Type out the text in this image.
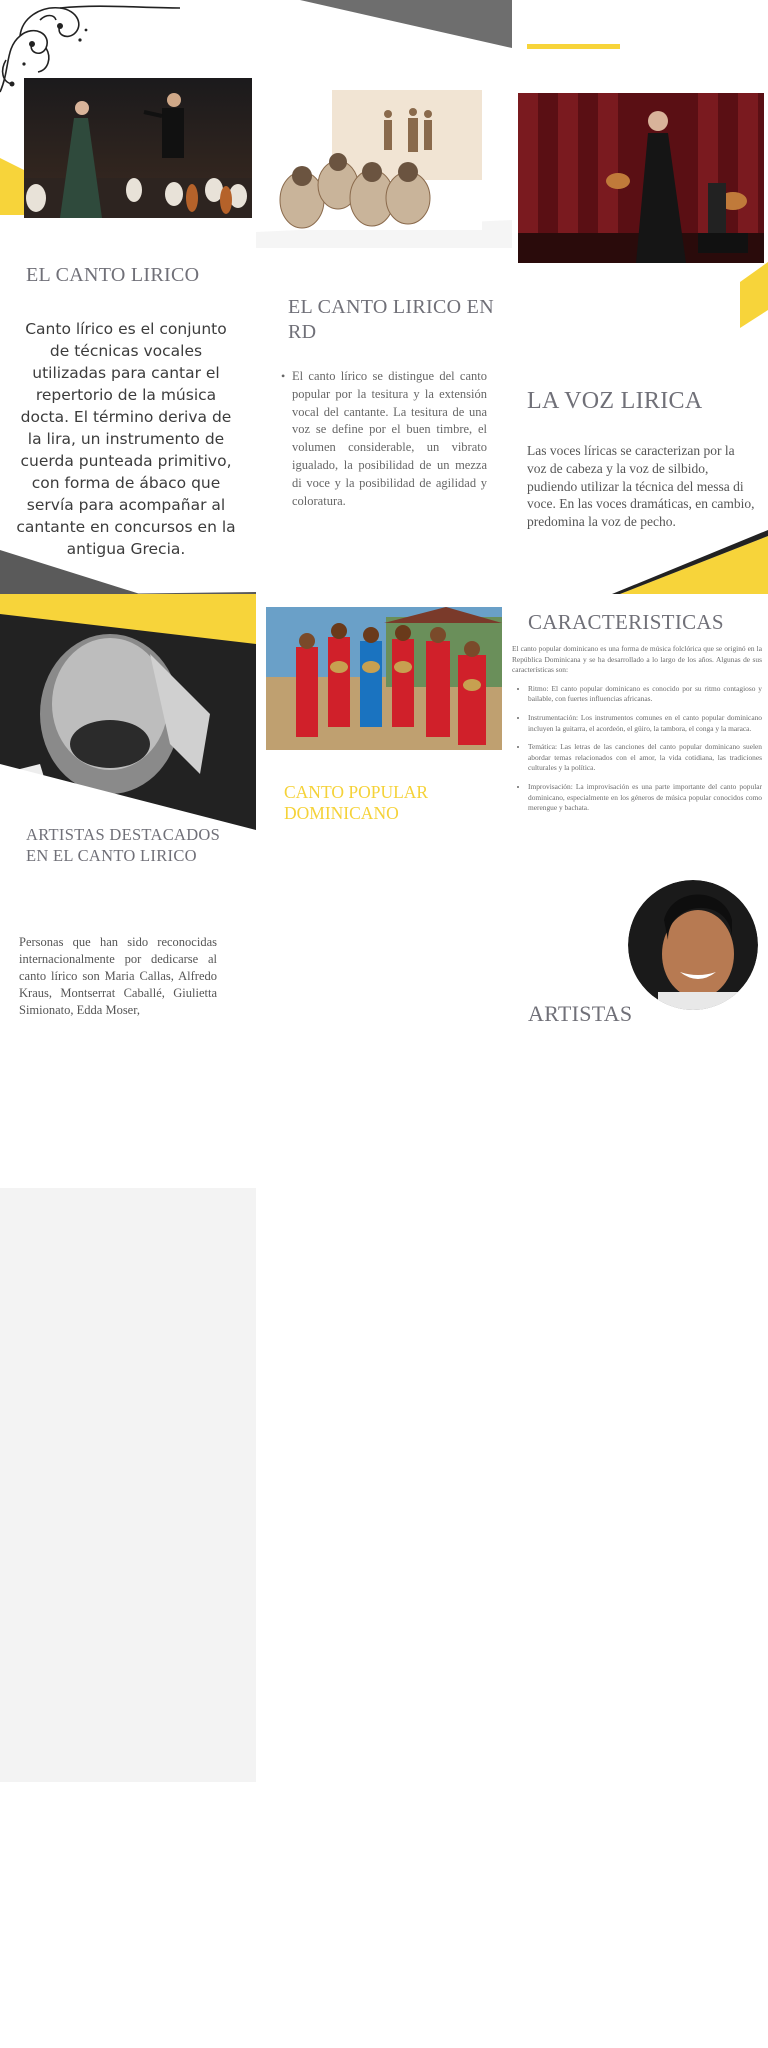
EL CANTO LIRICO
Canto lírico es el conjunto de técnicas vocales utilizadas para cantar el repertorio de la música docta. El término deriva de la lira, un instrumento de cuerda punteada primitivo, con forma de ábaco que servía para acompañar al cantante en concursos en la antigua Grecia.
EL CANTO LIRICO EN RD
• El canto lírico se distingue del canto popular por la tesitura y la extensión vocal del cantante. La tesitura de una voz se define por el buen timbre, el volumen considerable, un vibrato igualado, la posibilidad de un mezza di voce y la posibilidad de agilidad y coloratura.
LA VOZ LIRICA
Las voces líricas se caracterizan por la voz de cabeza y la voz de silbido, pudiendo utilizar la técnica del messa di voce. En las voces dramáticas, en cambio, predomina la voz de pecho.
ARTISTAS DESTACADOS EN EL CANTO LIRICO
Personas que han sido reconocidas internacionalmente por dedicarse al canto lírico son Maria Callas, Alfredo Kraus, Montserrat Caballé, Giulietta Simionato, Edda Moser,
CANTO POPULAR DOMINICANO
El canto popular dominicano es un género musical que se originó en la República Dominicana y es conocido por su ritmo contagioso y su alegría. La música popular dominicana tiene una gran variedad de estilos, pero algunos de los más populares son el merengue, la bachata y la salsa.
El merengue es probablemente el
CARACTERISTICAS
El canto popular dominicano es una forma de música folclórica que se originó en la República Dominicana y se ha desarrollado a lo largo de los años. Algunas de sus características son:
• Ritmo: El canto popular dominicano es conocido por su ritmo contagioso y bailable, con fuertes influencias africanas.
• Instrumentación: Los instrumentos comunes en el canto popular dominicano incluyen la guitarra, el acordeón, el güiro, la tambora, el conga y la maraca.
• Temática: Las letras de las canciones del canto popular dominicano suelen abordar temas relacionados con el amor, la vida cotidiana, las tradiciones culturales y la política.
• Improvisación: La improvisación es una parte importante del canto popular dominicano, especialmente en los géneros de música popular conocidos como merengue y bachata.
ARTISTAS
